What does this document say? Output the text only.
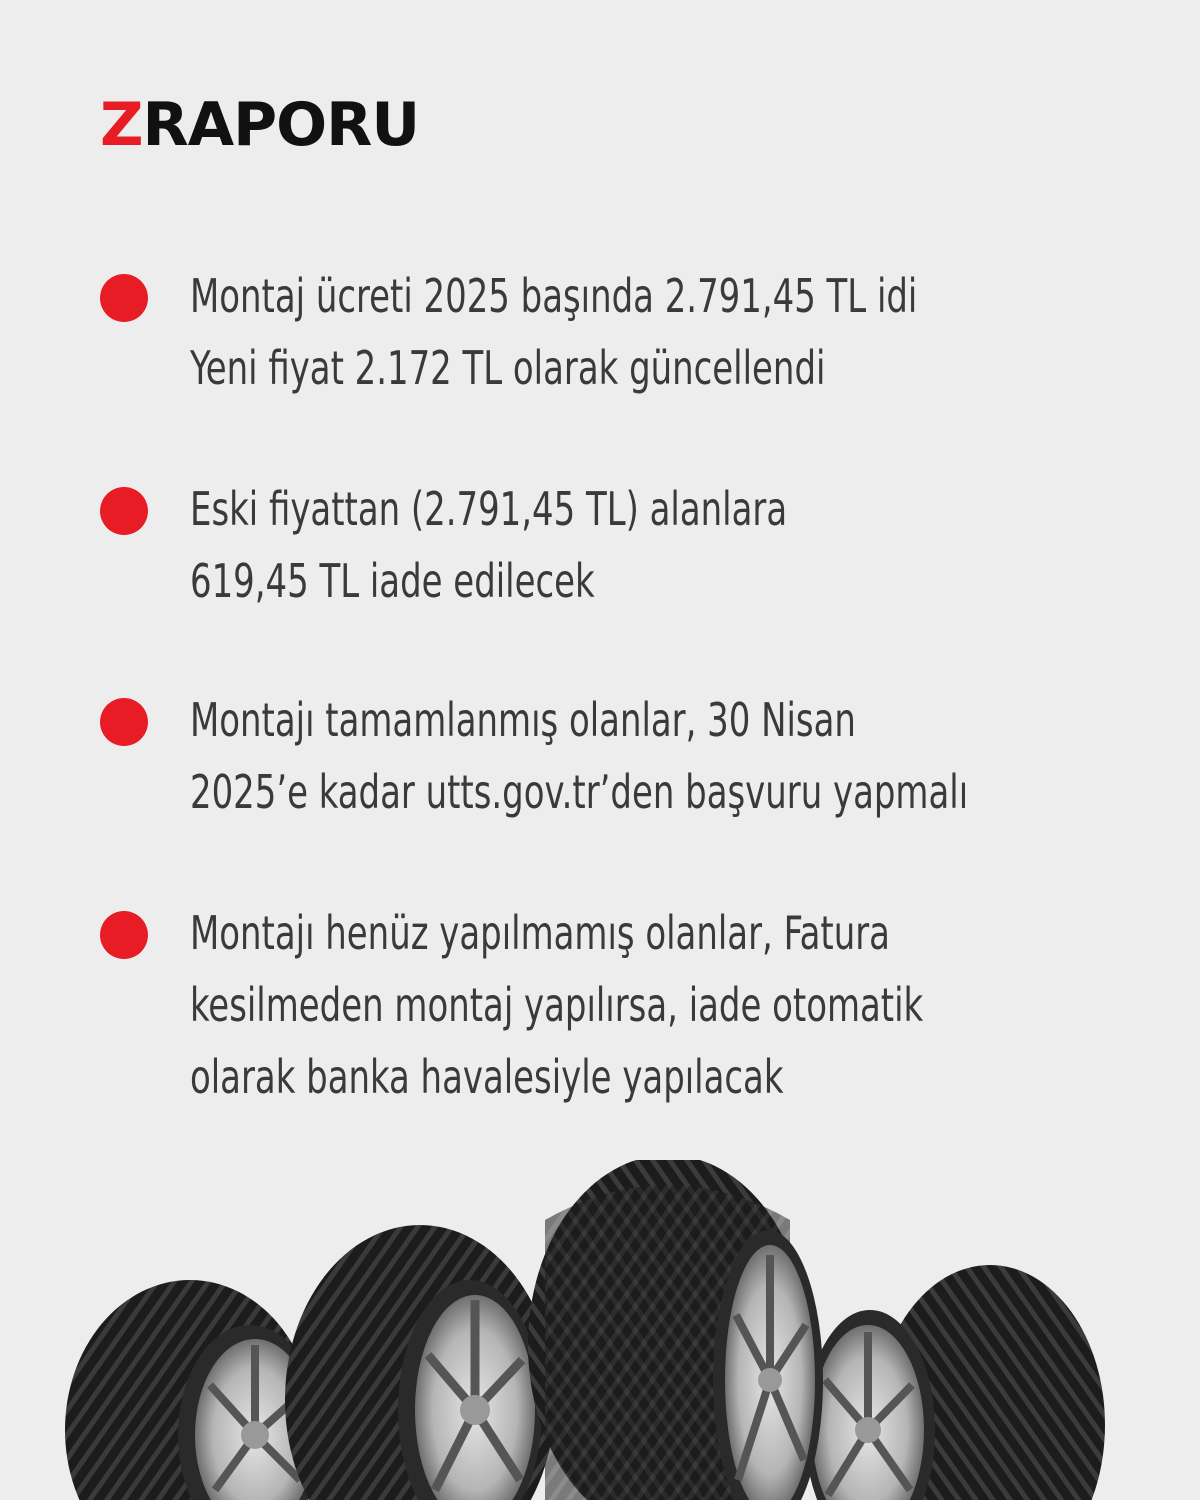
Z RAPORU
Montaj ücreti 2025 başında 2.791,45 TL idi
Yeni fiyat 2.172 TL olarak güncellendi
Eski fiyattan (2.791,45 TL) alanlara
619,45 TL iade edilecek
Montajı tamamlanmış olanlar, 30 Nisan
2025’e kadar utts.gov.tr’den başvuru yapmalı
Montajı henüz yapılmamış olanlar, Fatura
kesilmeden montaj yapılırsa, iade otomatik
olarak banka havalesiyle yapılacak
